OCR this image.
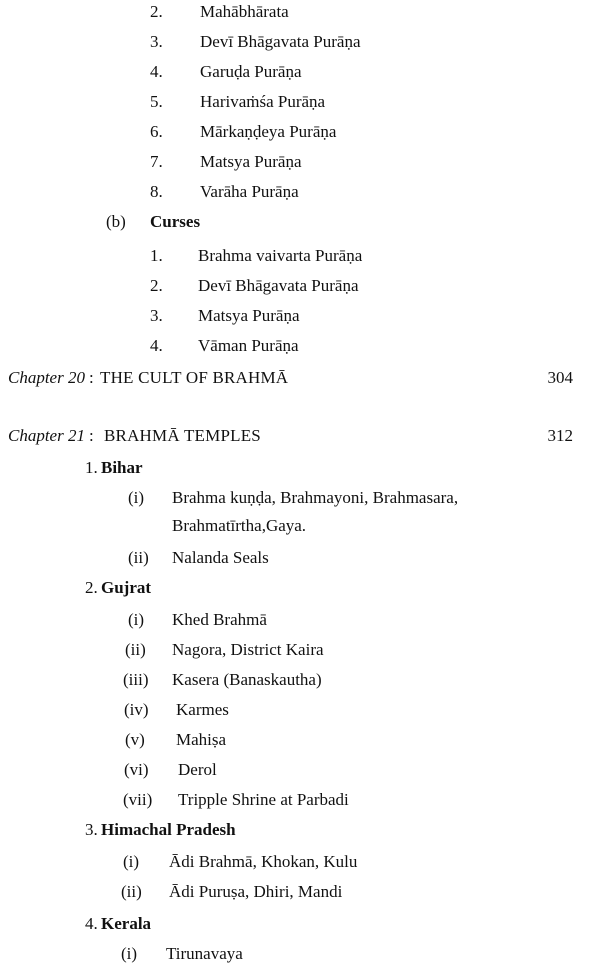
2. Mahābhārata
3. Devī Bhāgavata Purāṇa
4. Garuḍa Purāṇa
5. Harivaṁśa Purāṇa
6. Mārkaṇḍeya Purāṇa
7. Matsya Purāṇa
8. Varāha Purāṇa
(b) Curses
1. Brahma vaivarta Purāṇa
2. Devī Bhāgavata Purāṇa
3. Matsya Purāṇa
4. Vāman Purāṇa
Chapter 20 : THE CULT OF BRAHMĀ	304
Chapter 21 : BRAHMĀ TEMPLES	312
1. Bihar
(i) Brahma kuṇḍa, Brahmayoni, Brahmasara,
Brahmatīrtha,Gaya.
(ii) Nalanda Seals
2. Gujrat
(i) Khed Brahmā
(ii) Nagora, District Kaira
(iii) Kasera (Banaskautha)
(iv) Karmes
(v) Mahiṣa
(vi) Derol
(vii) Tripple Shrine at Parbadi
3. Himachal Pradesh
(i) Ādi Brahmā, Khokan, Kulu
(ii) Ādi Puruṣa, Dhiri, Mandi
4. Kerala
(i) Tirunavaya
